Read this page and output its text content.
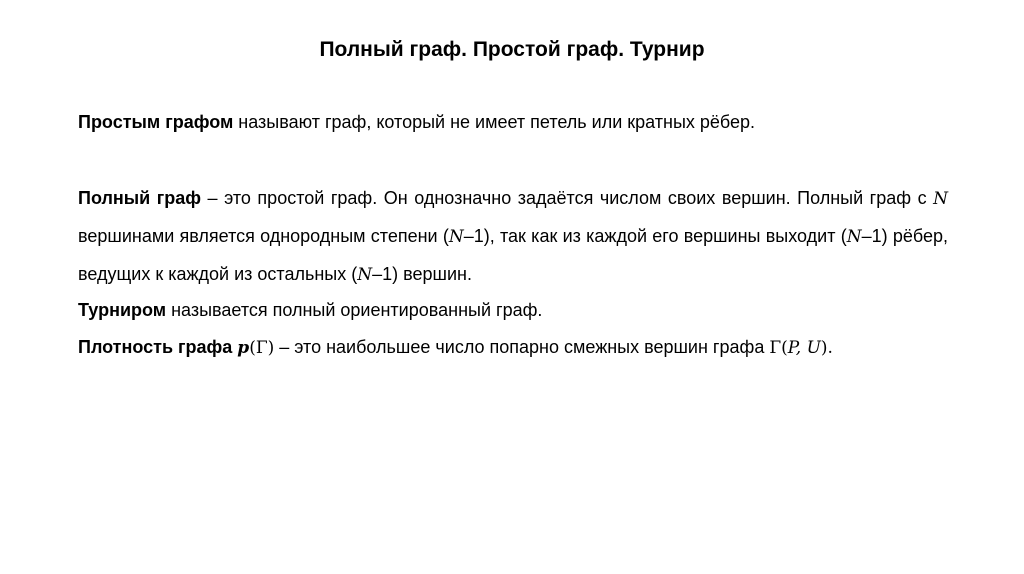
Полный граф. Простой граф. Турнир
Простым графом называют граф, который не имеет петель или кратных рёбер.
Полный граф – это простой граф. Он однозначно задаётся числом своих вершин. Полный граф с N вершинами является однородным степени (N–1), так как из каждой его вершины выходит (N–1) рёбер, ведущих к каждой из остальных (N–1) вершин.
Турниром называется полный ориентированный граф.
Плотность графа p(Γ) – это наибольшее число попарно смежных вершин графа Γ(P, U).
